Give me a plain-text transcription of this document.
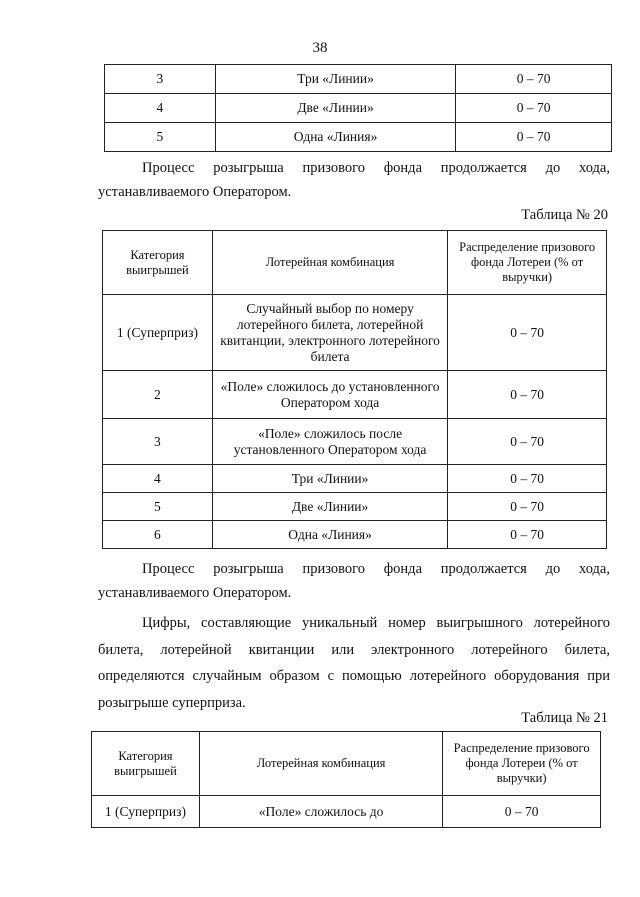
38
3	Три «Линии»	0 – 70
4	Две «Линии»	0 – 70
5	Одна «Линия»	0 – 70

Процесс розыгрыша призового фонда продолжается до хода, устанавливаемого Оператором.

Таблица № 20
Категория выигрышей	Лотерейная комбинация	Распределение призового фонда Лотереи (% от выручки)
1 (Суперприз)	Случайный выбор по номеру лотерейного билета, лотерейной квитанции, электронного лотерейного билета	0 – 70
2	«Поле» сложилось до установленного Оператором хода	0 – 70
3	«Поле» сложилось после установленного Оператором хода	0 – 70
4	Три «Линии»	0 – 70
5	Две «Линии»	0 – 70
6	Одна «Линия»	0 – 70

Процесс розыгрыша призового фонда продолжается до хода, устанавливаемого Оператором.

Цифры, составляющие уникальный номер выигрышного лотерейного билета, лотерейной квитанции или электронного лотерейного билета, определяются случайным образом с помощью лотерейного оборудования при розыгрыше суперприза.

Таблица № 21
Категория выигрышей	Лотерейная комбинация	Распределение призового фонда Лотереи (% от выручки)
1 (Суперприз)	«Поле» сложилось до	0 – 70
